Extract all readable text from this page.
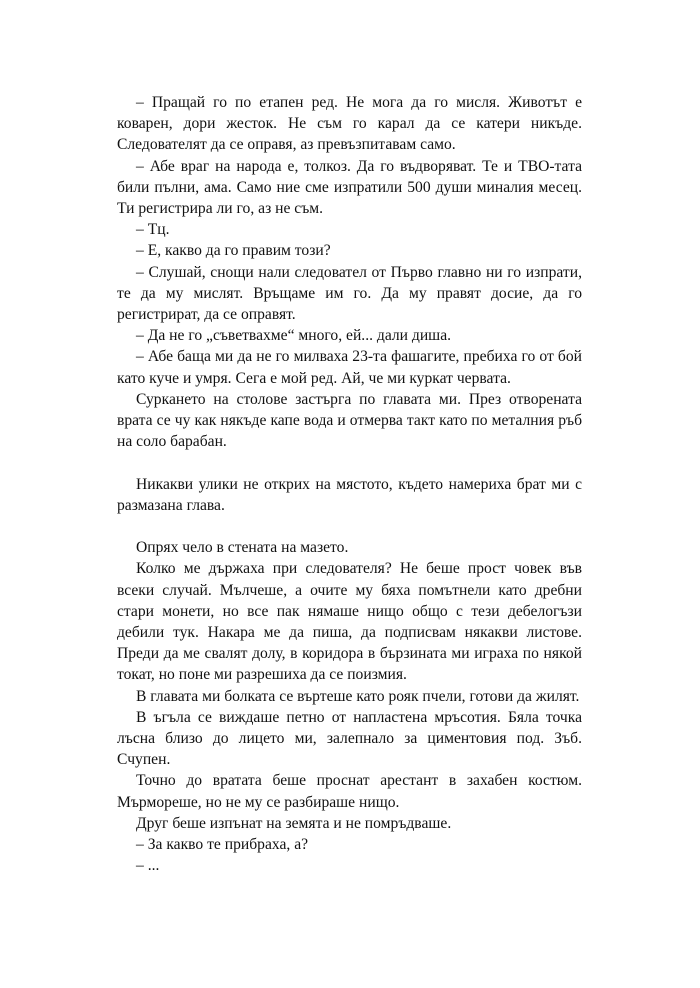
– Пращай го по етапен ред. Не мога да го мисля. Животът е коварен, дори жесток. Не съм го карал да се катери никъде. Следователят да се оправя, аз превъзпитавам само.

– Абе враг на народа е, толкоз. Да го въдворяват. Те и ТВО-тата били пълни, ама. Само ние сме изпратили 500 души миналия месец. Ти регистрира ли го, аз не съм.

– Тц.

– Е, какво да го правим този?

– Слушай, снощи нали следовател от Първо главно ни го изпрати, те да му мислят. Връщаме им го. Да му правят досие, да го регистрират, да се оправят.

– Да не го „съветвахме“ много, ей... дали диша.

– Абе баща ми да не го милваха 23-та фашагите, пребиха го от бой като куче и умря. Сега е мой ред. Ай, че ми куркат червата.

Суркането на столове застърга по главата ми. През отворената врата се чу как някъде капе вода и отмерва такт като по металния ръб на соло барабан.

Никакви улики не открих на мястото, където намериха брат ми с размазана глава.

Опрях чело в стената на мазето.

Колко ме държаха при следователя? Не беше прост човек във всеки случай. Мълчеше, а очите му бяха помътнели като дребни стари монети, но все пак нямаше нищо общо с тези дебелогъзи дебили тук. Накара ме да пиша, да подписвам някакви листове. Преди да ме свалят долу, в коридора в бързината ми играха по някой токат, но поне ми разрешиха да се поизмия.

В главата ми болката се въртеше като рояк пчели, готови да жилят.

В ъгъла се виждаше петно от напластена мръсотия. Бяла точка лъсна близо до лицето ми, залепнало за циментовия под. Зъб. Счупен.

Точно до вратата беше проснат арестант в захабен костюм. Мърмореше, но не му се разбираше нищо.

Друг беше изпънат на земята и не помръдваше.

– За какво те прибраха, а?

– ...
